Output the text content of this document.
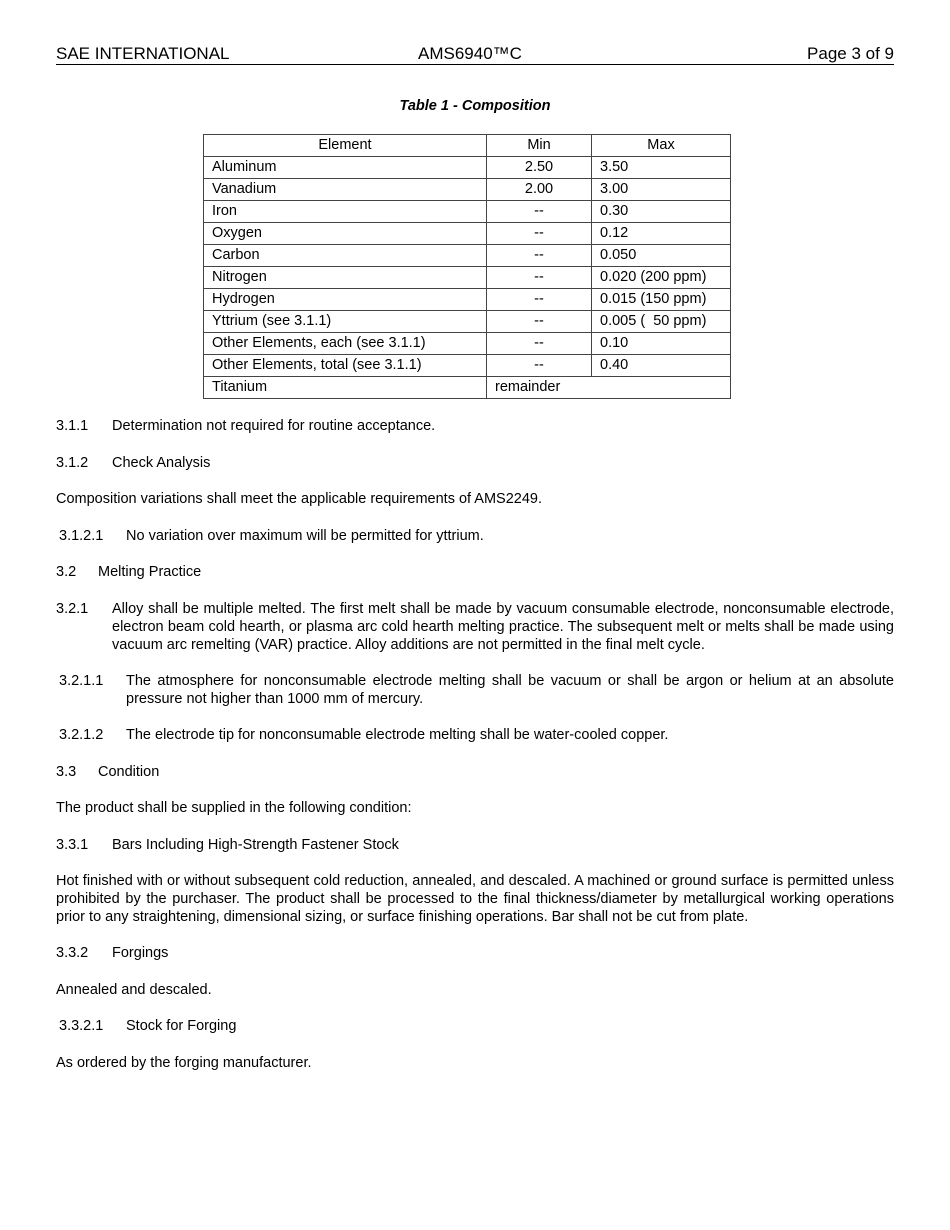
SAE INTERNATIONAL	AMS6940™C	Page 3 of 9
Table 1 - Composition
Element	Min	Max
Aluminum	2.50	3.50
Vanadium	2.00	3.00
Iron	--	0.30
Oxygen	--	0.12
Carbon	--	0.050
Nitrogen	--	0.020 (200 ppm)
Hydrogen	--	0.015 (150 ppm)
Yttrium (see 3.1.1)	--	0.005 (  50 ppm)
Other Elements, each (see 3.1.1)	--	0.10
Other Elements, total (see 3.1.1)	--	0.40
Titanium	remainder	
3.1.1	Determination not required for routine acceptance.
3.1.2	Check Analysis
Composition variations shall meet the applicable requirements of AMS2249.
3.1.2.1	No variation over maximum will be permitted for yttrium.
3.2	Melting Practice
3.2.1	Alloy shall be multiple melted. The first melt shall be made by vacuum consumable electrode, nonconsumable electrode, electron beam cold hearth, or plasma arc cold hearth melting practice. The subsequent melt or melts shall be made using vacuum arc remelting (VAR) practice. Alloy additions are not permitted in the final melt cycle.
3.2.1.1	The atmosphere for nonconsumable electrode melting shall be vacuum or shall be argon or helium at an absolute pressure not higher than 1000 mm of mercury.
3.2.1.2	The electrode tip for nonconsumable electrode melting shall be water-cooled copper.
3.3	Condition
The product shall be supplied in the following condition:
3.3.1	Bars Including High-Strength Fastener Stock
Hot finished with or without subsequent cold reduction, annealed, and descaled. A machined or ground surface is permitted unless prohibited by the purchaser. The product shall be processed to the final thickness/diameter by metallurgical working operations prior to any straightening, dimensional sizing, or surface finishing operations. Bar shall not be cut from plate.
3.3.2	Forgings
Annealed and descaled.
3.3.2.1	Stock for Forging
As ordered by the forging manufacturer.
